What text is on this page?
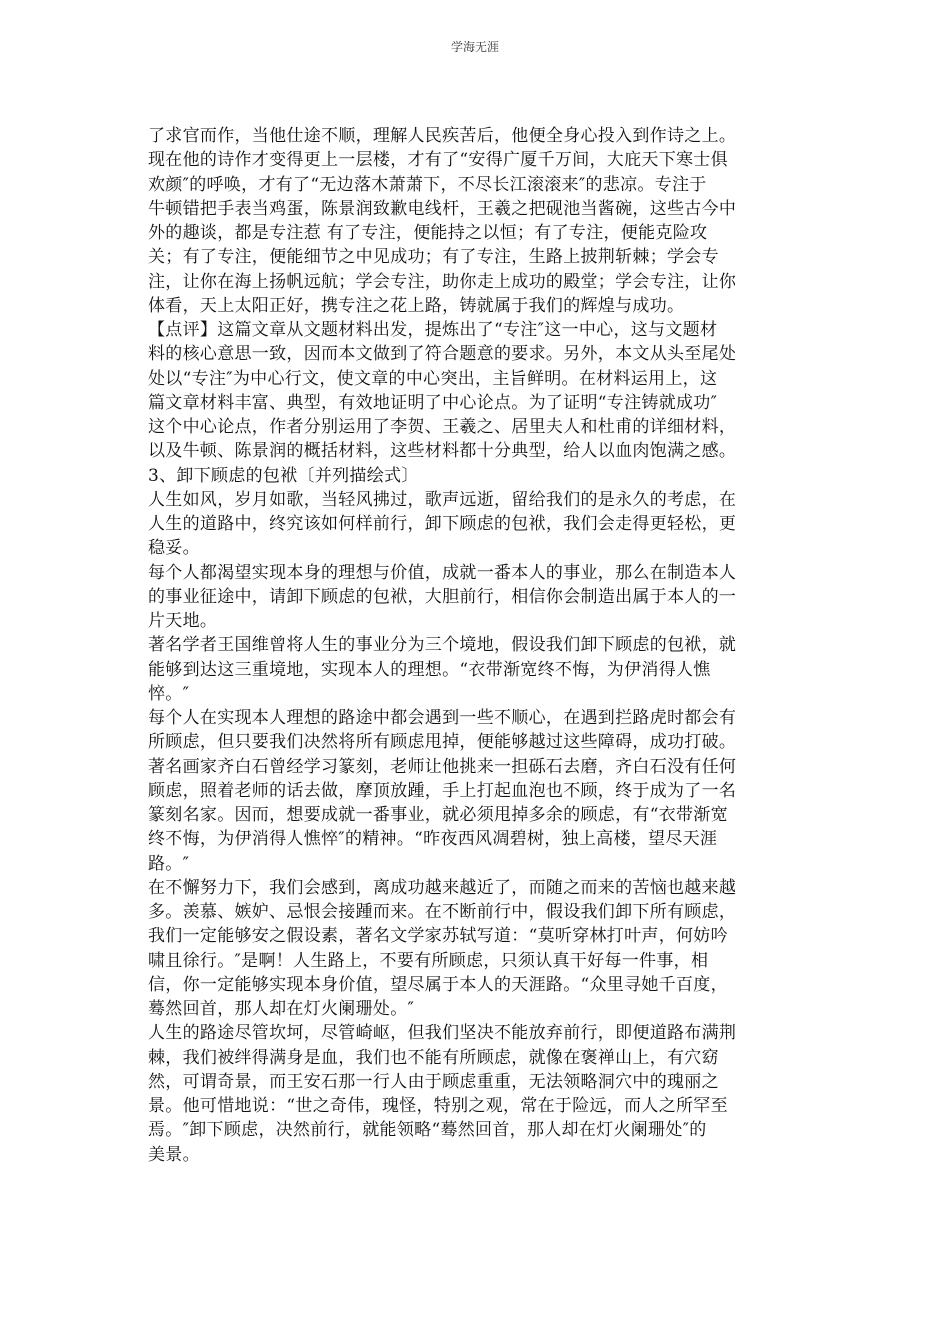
学海无涯
了求官而作，当他仕途不顺，理解人民疾苦后，他便全身心投入到作诗之上。
现在他的诗作才变得更上一层楼，才有了“安得广厦千万间，大庇天下寒士俱
欢颜″的呼唤，才有了“无边落木萧萧下，不尽长江滚滚来″的悲凉。专注于
牛顿错把手表当鸡蛋，陈景润致歉电线杆，王羲之把砚池当酱碗，这些古今中
外的趣谈，都是专注惹 有了专注，便能持之以恒；有了专注，便能克险攻
关；有了专注，便能细节之中见成功；有了专注，生路上披荆斩棘；学会专
注，让你在海上扬帆远航；学会专注，助你走上成功的殿堂；学会专注，让你
体看，天上太阳正好，携专注之花上路，铸就属于我们的辉煌与成功。
【点评】这篇文章从文题材料出发，提炼出了“专注″这一中心，这与文题材
料的核心意思一致，因而本文做到了符合题意的要求。另外，本文从头至尾处
处以“专注″为中心行文，使文章的中心突出，主旨鲜明。在材料运用上，这
篇文章材料丰富、典型，有效地证明了中心论点。为了证明“专注铸就成功″
这个中心论点，作者分别运用了李贺、王羲之、居里夫人和杜甫的详细材料，
以及牛顿、陈景润的概括材料，这些材料都十分典型，给人以血肉饱满之感。
3、卸下顾虑的包袱〔并列描绘式〕
人生如风，岁月如歌，当轻风拂过，歌声远逝，留给我们的是永久的考虑，在
人生的道路中，终究该如何样前行，卸下顾虑的包袱，我们会走得更轻松，更
稳妥。
每个人都渴望实现本身的理想与价值，成就一番本人的事业，那么在制造本人
的事业征途中，请卸下顾虑的包袱，大胆前行，相信你会制造出属于本人的一
片天地。
著名学者王国维曾将人生的事业分为三个境地，假设我们卸下顾虑的包袱，就
能够到达这三重境地，实现本人的理想。“衣带渐宽终不悔，为伊消得人憔
悴。″
每个人在实现本人理想的路途中都会遇到一些不顺心，在遇到拦路虎时都会有
所顾虑，但只要我们决然将所有顾虑甩掉，便能够越过这些障碍，成功打破。
著名画家齐白石曾经学习篆刻，老师让他挑来一担砾石去磨，齐白石没有任何
顾虑，照着老师的话去做，摩顶放踵，手上打起血泡也不顾，终于成为了一名
篆刻名家。因而，想要成就一番事业，就必须甩掉多余的顾虑，有“衣带渐宽
终不悔，为伊消得人憔悴″的精神。“昨夜西风凋碧树，独上高楼，望尽天涯
路。″
在不懈努力下，我们会感到，离成功越来越近了，而随之而来的苦恼也越来越
多。羡慕、嫉妒、忌恨会接踵而来。在不断前行中，假设我们卸下所有顾虑，
我们一定能够安之假设素，著名文学家苏轼写道：“莫听穿林打叶声，何妨吟
啸且徐行。″是啊！人生路上，不要有所顾虑，只须认真干好每一件事，相
信，你一定能够实现本身价值，望尽属于本人的天涯路。“众里寻她千百度，
蓦然回首，那人却在灯火阑珊处。″
人生的路途尽管坎坷，尽管崎岖，但我们坚决不能放弃前行，即便道路布满荆
棘，我们被绊得满身是血，我们也不能有所顾虑，就像在褒禅山上，有穴窈
然，可谓奇景，而王安石那一行人由于顾虑重重，无法领略洞穴中的瑰丽之
景。他可惜地说：“世之奇伟，瑰怪，特别之观，常在于险远，而人之所罕至
焉。″卸下顾虑，决然前行，就能领略“蓦然回首，那人却在灯火阑珊处″的
美景。
